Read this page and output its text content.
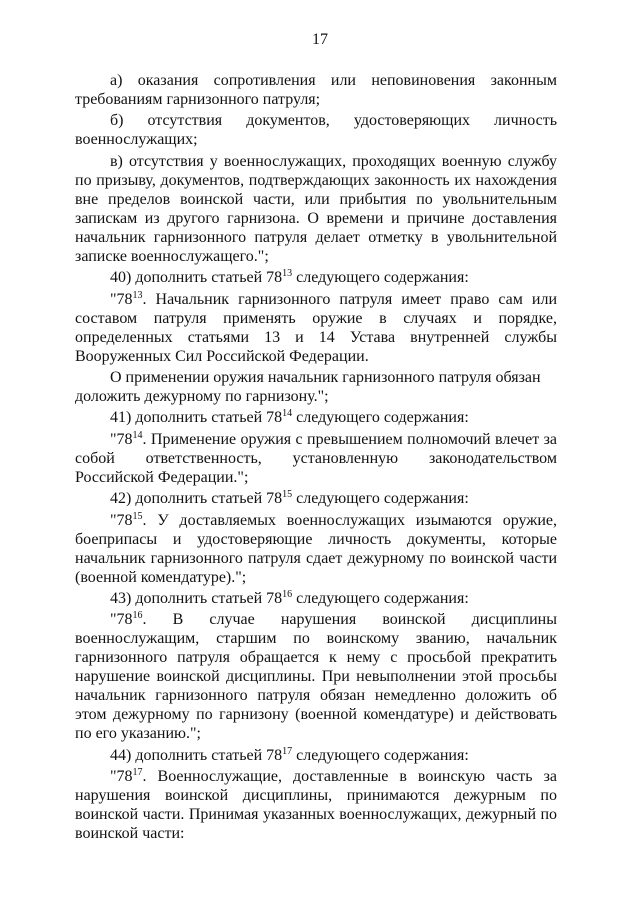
17

а) оказания сопротивления или неповиновения законным требованиям гарнизонного патруля;

б) отсутствия документов, удостоверяющих личность военнослужащих;

в) отсутствия у военнослужащих, проходящих военную службу по призыву, документов, подтверждающих законность их нахождения вне пределов воинской части, или прибытия по увольнительным запискам из другого гарнизона. О времени и причине доставления начальник гарнизонного патруля делает отметку в увольнительной записке военнослужащего.";

40) дополнить статьей $78^{13}$ следующего содержания:

"$78^{13}$. Начальник гарнизонного патруля имеет право сам или составом патруля применять оружие в случаях и порядке, определенных статьями 13 и 14 Устава внутренней службы Вооруженных Сил Российской Федерации.

О применении оружия начальник гарнизонного патруля обязан доложить дежурному по гарнизону.";

41) дополнить статьей $78^{14}$ следующего содержания:

"$78^{14}$. Применение оружия с превышением полномочий влечет за собой ответственность, установленную законодательством Российской Федерации.";

42) дополнить статьей $78^{15}$ следующего содержания:

"$78^{15}$. У доставляемых военнослужащих изымаются оружие, боеприпасы и удостоверяющие личность документы, которые начальник гарнизонного патруля сдает дежурному по воинской части (военной комендатуре).";

43) дополнить статьей $78^{16}$ следующего содержания:

"$78^{16}$. В случае нарушения воинской дисциплины военнослужащим, старшим по воинскому званию, начальник гарнизонного патруля обращается к нему с просьбой прекратить нарушение воинской дисциплины. При невыполнении этой просьбы начальник гарнизонного патруля обязан немедленно доложить об этом дежурному по гарнизону (военной комендатуре) и действовать по его указанию.";

44) дополнить статьей $78^{17}$ следующего содержания:

"$78^{17}$. Военнослужащие, доставленные в воинскую часть за нарушения воинской дисциплины, принимаются дежурным по воинской части. Принимая указанных военнослужащих, дежурный по воинской части:
